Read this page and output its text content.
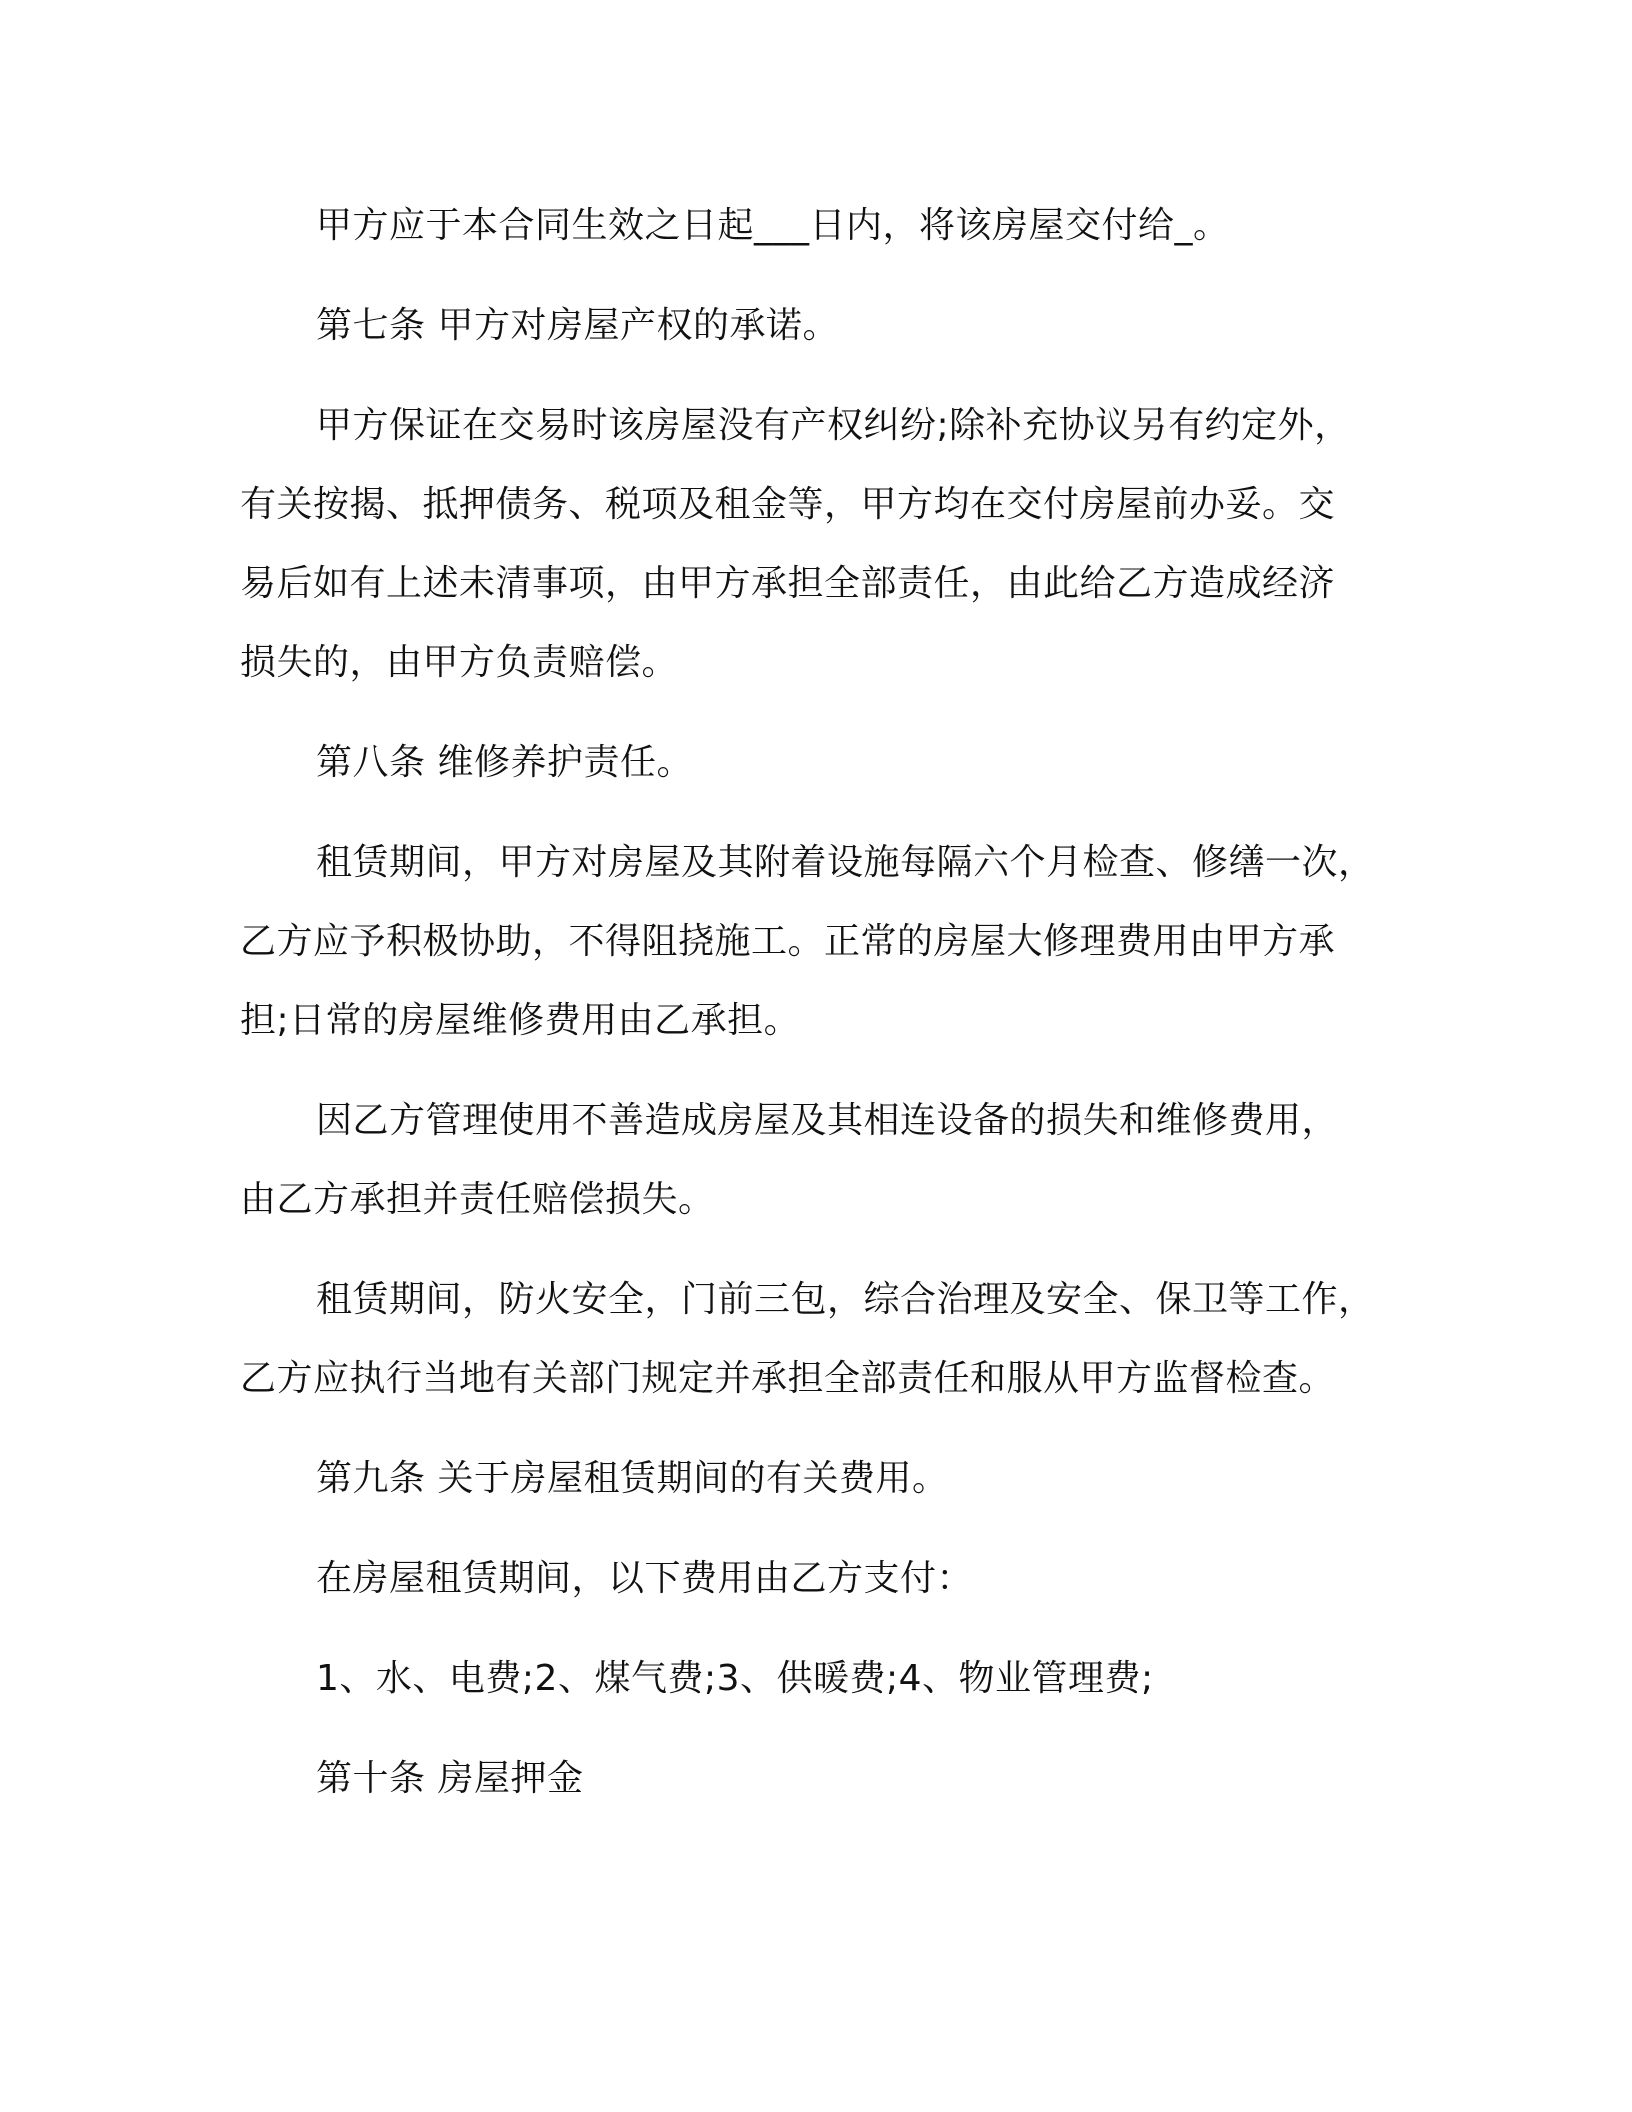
甲方应于本合同生效之日起___日内，将该房屋交付给_。

第七条 甲方对房屋产权的承诺。

甲方保证在交易时该房屋没有产权纠纷;除补充协议另有约定外，
有关按揭、抵押债务、税项及租金等，甲方均在交付房屋前办妥。交
易后如有上述未清事项，由甲方承担全部责任，由此给乙方造成经济
损失的，由甲方负责赔偿。

第八条 维修养护责任。

租赁期间，甲方对房屋及其附着设施每隔六个月检查、修缮一次，
乙方应予积极协助，不得阻挠施工。正常的房屋大修理费用由甲方承
担;日常的房屋维修费用由乙承担。

因乙方管理使用不善造成房屋及其相连设备的损失和维修费用，
由乙方承担并责任赔偿损失。

租赁期间，防火安全，门前三包，综合治理及安全、保卫等工作，
乙方应执行当地有关部门规定并承担全部责任和服从甲方监督检查。

第九条 关于房屋租赁期间的有关费用。

在房屋租赁期间，以下费用由乙方支付：

1、水、电费;2、煤气费;3、供暖费;4、物业管理费;

第十条 房屋押金
